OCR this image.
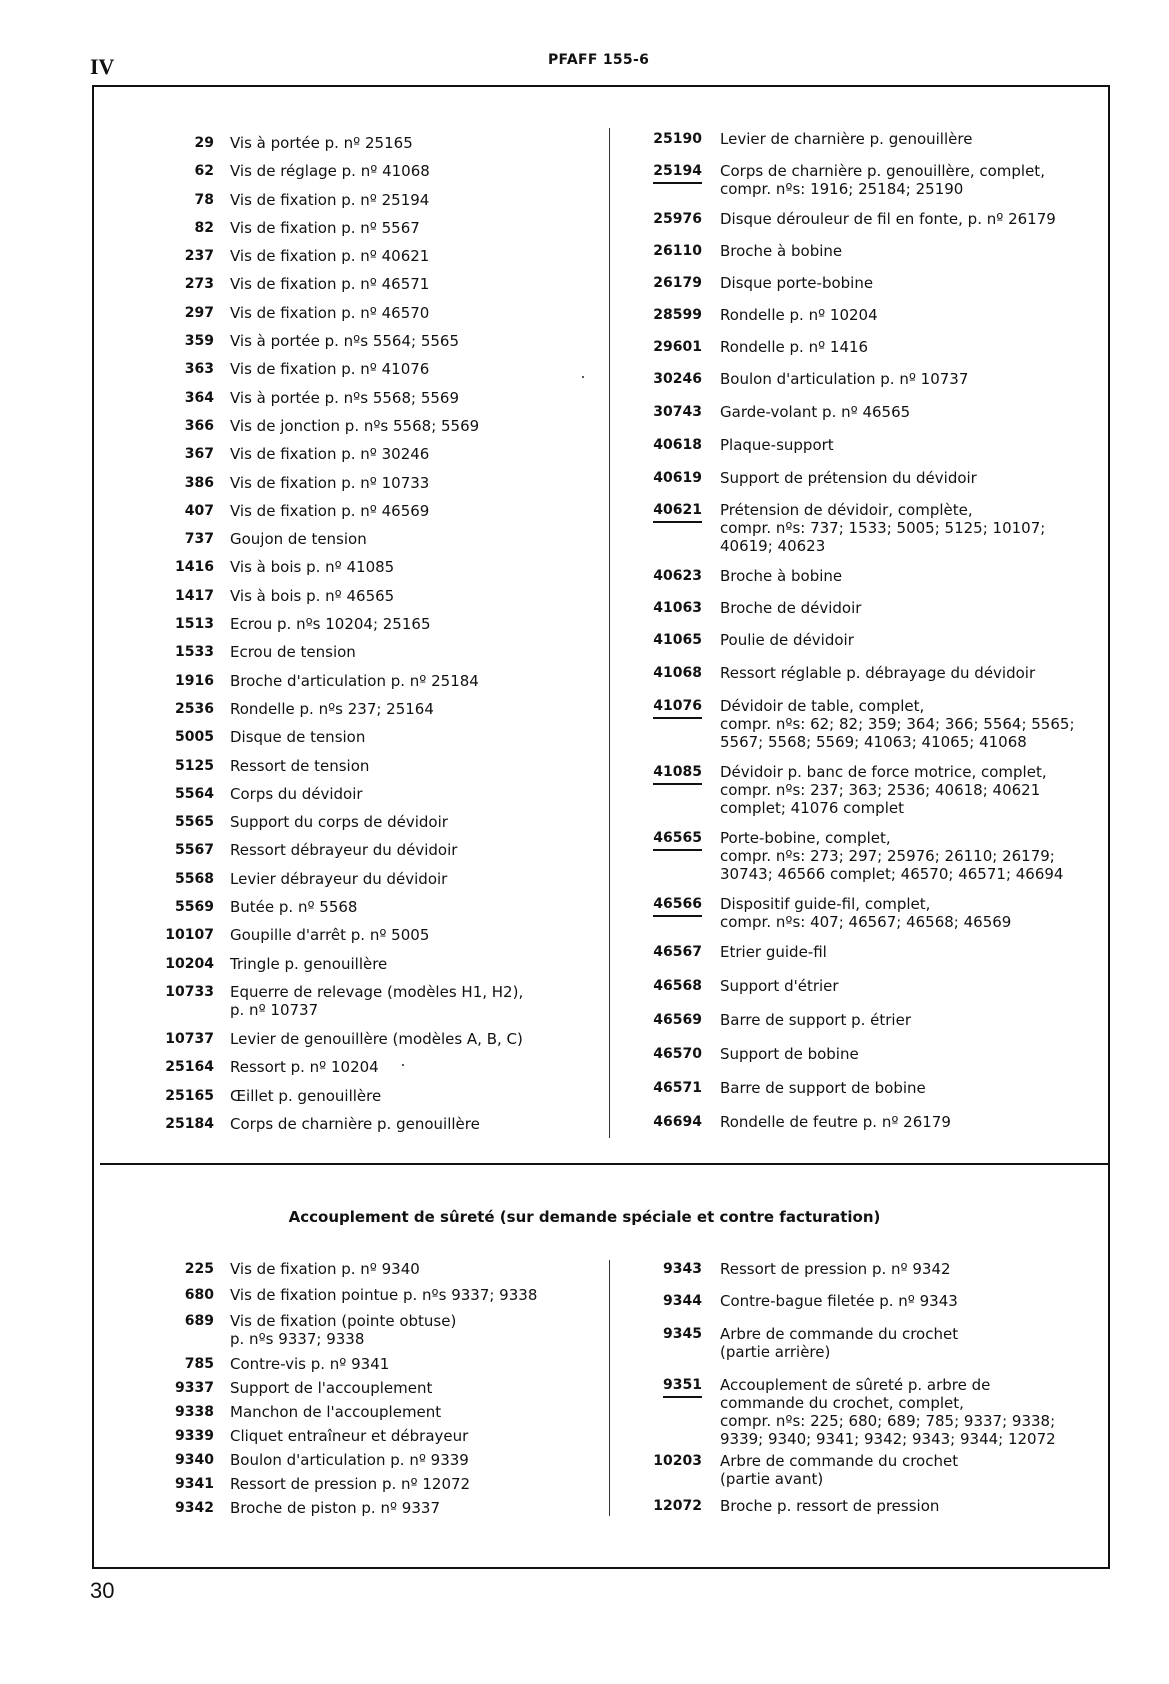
IV	PFAFF 155-6
29 Vis à portée p. nº 25165
62 Vis de réglage p. nº 41068
78 Vis de fixation p. nº 25194
82 Vis de fixation p. nº 5567
237 Vis de fixation p. nº 40621
273 Vis de fixation p. nº 46571
297 Vis de fixation p. nº 46570
359 Vis à portée p. nºs 5564; 5565
363 Vis de fixation p. nº 41076
364 Vis à portée p. nºs 5568; 5569
366 Vis de jonction p. nºs 5568; 5569
367 Vis de fixation p. nº 30246
386 Vis de fixation p. nº 10733
407 Vis de fixation p. nº 46569
737 Goujon de tension
1416 Vis à bois p. nº 41085
1417 Vis à bois p. nº 46565
1513 Ecrou p. nºs 10204; 25165
1533 Ecrou de tension
1916 Broche d'articulation p. nº 25184
2536 Rondelle p. nºs 237; 25164
5005 Disque de tension
5125 Ressort de tension
5564 Corps du dévidoir
5565 Support du corps de dévidoir
5567 Ressort débrayeur du dévidoir
5568 Levier débrayeur du dévidoir
5569 Butée p. nº 5568
10107 Goupille d'arrêt p. nº 5005
10204 Tringle p. genouillère
10733 Equerre de relevage (modèles H1, H2),
p. nº 10737
10737 Levier de genouillère (modèles A, B, C)
25164 Ressort p. nº 10204
25165 Œillet p. genouillère
25184 Corps de charnière p. genouillère
25190 Levier de charnière p. genouillère
25194 Corps de charnière p. genouillère, complet,
compr. nºs: 1916; 25184; 25190
25976 Disque dérouleur de fil en fonte, p. nº 26179
26110 Broche à bobine
26179 Disque porte-bobine
28599 Rondelle p. nº 10204
29601 Rondelle p. nº 1416
30246 Boulon d'articulation p. nº 10737
30743 Garde-volant p. nº 46565
40618 Plaque-support
40619 Support de prétension du dévidoir
40621 Prétension de dévidoir, complète,
compr. nºs: 737; 1533; 5005; 5125; 10107;
40619; 40623
40623 Broche à bobine
41063 Broche de dévidoir
41065 Poulie de dévidoir
41068 Ressort réglable p. débrayage du dévidoir
41076 Dévidoir de table, complet,
compr. nºs: 62; 82; 359; 364; 366; 5564; 5565;
5567; 5568; 5569; 41063; 41065; 41068
41085 Dévidoir p. banc de force motrice, complet,
compr. nºs: 237; 363; 2536; 40618; 40621
complet; 41076 complet
46565 Porte-bobine, complet,
compr. nºs: 273; 297; 25976; 26110; 26179;
30743; 46566 complet; 46570; 46571; 46694
46566 Dispositif guide-fil, complet,
compr. nºs: 407; 46567; 46568; 46569
46567 Etrier guide-fil
46568 Support d'étrier
46569 Barre de support p. étrier
46570 Support de bobine
46571 Barre de support de bobine
46694 Rondelle de feutre p. nº 26179
Accouplement de sûreté (sur demande spéciale et contre facturation)
225 Vis de fixation p. nº 9340
680 Vis de fixation pointue p. nºs 9337; 9338
689 Vis de fixation (pointe obtuse)
p. nºs 9337; 9338
785 Contre-vis p. nº 9341
9337 Support de l'accouplement
9338 Manchon de l'accouplement
9339 Cliquet entraîneur et débrayeur
9340 Boulon d'articulation p. nº 9339
9341 Ressort de pression p. nº 12072
9342 Broche de piston p. nº 9337
9343 Ressort de pression p. nº 9342
9344 Contre-bague filetée p. nº 9343
9345 Arbre de commande du crochet
(partie arrière)
9351 Accouplement de sûreté p. arbre de
commande du crochet, complet,
compr. nºs: 225; 680; 689; 785; 9337; 9338;
9339; 9340; 9341; 9342; 9343; 9344; 12072
10203 Arbre de commande du crochet
(partie avant)
12072 Broche p. ressort de pression
30
